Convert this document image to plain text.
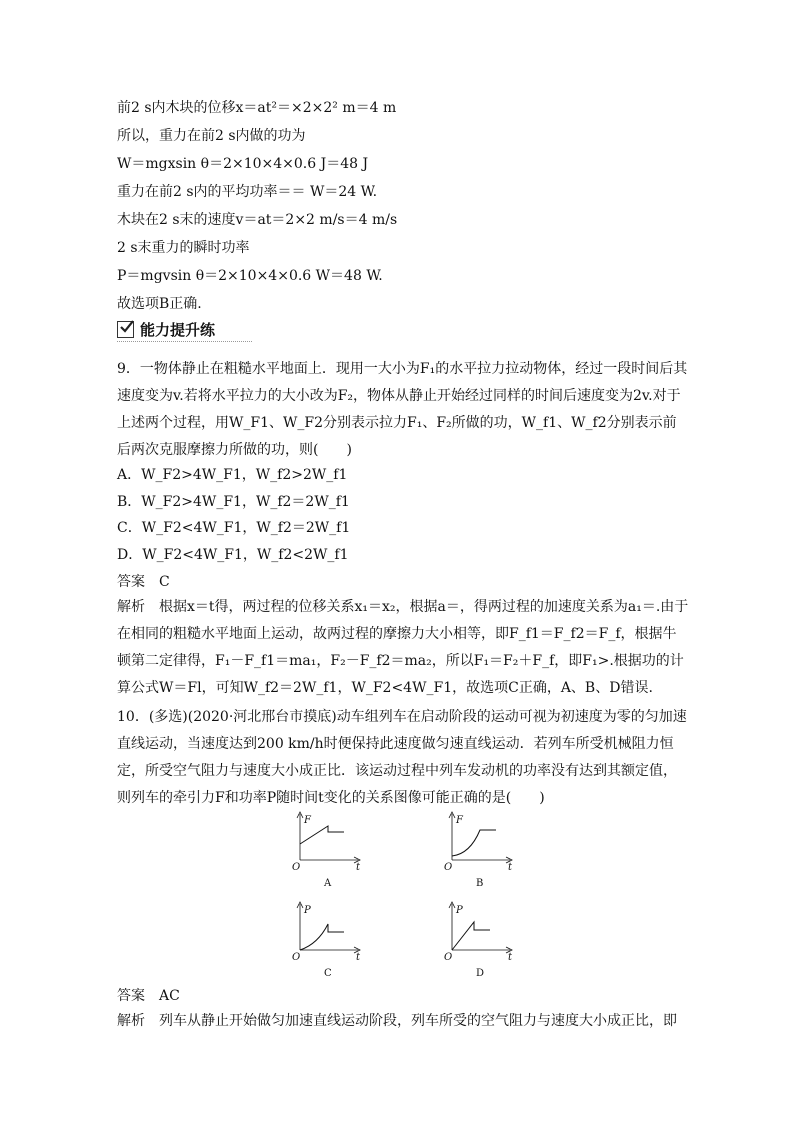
前2 s内木块的位移x＝at²＝×2×2² m＝4 m
所以，重力在前2 s内做的功为
W＝mgxsin θ＝2×10×4×0.6 J＝48 J
重力在前2 s内的平均功率＝＝ W＝24 W.
木块在2 s末的速度v＝at＝2×2 m/s＝4 m/s
2 s末重力的瞬时功率
P＝mgvsin θ＝2×10×4×0.6 W＝48 W.
故选项B正确.
能力提升练
9．一物体静止在粗糙水平地面上．现用一大小为F₁的水平拉力拉动物体，经过一段时间后其速度变为v.若将水平拉力的大小改为F₂，物体从静止开始经过同样的时间后速度变为2v.对于上述两个过程，用W_F1、W_F2分别表示拉力F₁、F₂所做的功，W_f1、W_f2分别表示前后两次克服摩擦力所做的功，则(　　)
A．W_F2>4W_F1，W_f2>2W_f1
B．W_F2>4W_F1，W_f2＝2W_f1
C．W_F2<4W_F1，W_f2＝2W_f1
D．W_F2<4W_F1，W_f2<2W_f1
答案　C
解析　根据x＝t得，两过程的位移关系x₁＝x₂，根据a＝，得两过程的加速度关系为a₁＝.由于在相同的粗糙水平地面上运动，故两过程的摩擦力大小相等，即F_f1＝F_f2＝F_f，根据牛顿第二定律得，F₁－F_f1＝ma₁，F₂－F_f2＝ma₂，所以F₁＝F₂＋F_f，即F₁>.根据功的计算公式W＝Fl，可知W_f2＝2W_f1，W_F2<4W_F1，故选项C正确，A、B、D错误.
10．(多选)(2020·河北邢台市摸底)动车组列车在启动阶段的运动可视为初速度为零的匀加速直线运动，当速度达到200 km/h时便保持此速度做匀速直线运动．若列车所受机械阻力恒定，所受空气阻力与速度大小成正比．该运动过程中列车发动机的功率没有达到其额定值，则列车的牵引力F和功率P随时间t变化的关系图像可能正确的是(　　)
F
t
O
A
F
t
O
B
P
t
O
C
P
t
O
D
答案　AC
解析　列车从静止开始做匀加速直线运动阶段，列车所受的空气阻力与速度大小成正比，即
